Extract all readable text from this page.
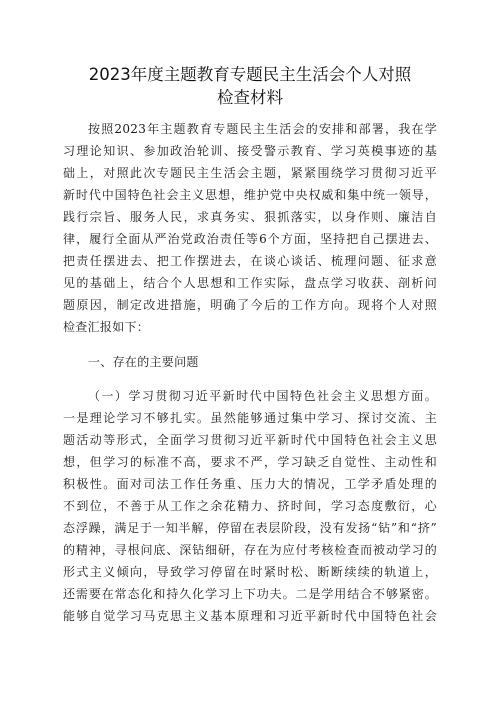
2023年度主题教育专题民主生活会个人对照
检查材料
按照2023年主题教育专题民主生活会的安排和部署，我在学
习理论知识、参加政治轮训、接受警示教育、学习英模事迹的基
础上，对照此次专题民主生活会主题，紧紧围绕学习贯彻习近平
新时代中国特色社会主义思想，维护党中央权威和集中统一领导，
践行宗旨、服务人民，求真务实、狠抓落实，以身作则、廉洁自
律，履行全面从严治党政治责任等6个方面，坚持把自己摆进去、
把责任摆进去、把工作摆进去，在谈心谈话、梳理问题、征求意
见的基础上，结合个人思想和工作实际，盘点学习收获、剖析问
题原因，制定改进措施，明确了今后的工作方向。现将个人对照
检查汇报如下：
一、存在的主要问题
（一）学习贯彻习近平新时代中国特色社会主义思想方面。
一是理论学习不够扎实。虽然能够通过集中学习、探讨交流、主
题活动等形式，全面学习贯彻习近平新时代中国特色社会主义思
想，但学习的标准不高，要求不严，学习缺乏自觉性、主动性和
积极性。面对司法工作任务重、压力大的情况，工学矛盾处理的
不到位，不善于从工作之余花精力、挤时间，学习态度敷衍，心
态浮躁，满足于一知半解，停留在表层阶段，没有发扬“钻”和“挤”
的精神，寻根问底、深钻细研，存在为应付考核检查而被动学习的
形式主义倾向，导致学习停留在时紧时松、断断续续的轨道上，
还需要在常态化和持久化学习上下功夫。二是学用结合不够紧密。
能够自觉学习马克思主义基本原理和习近平新时代中国特色社会
